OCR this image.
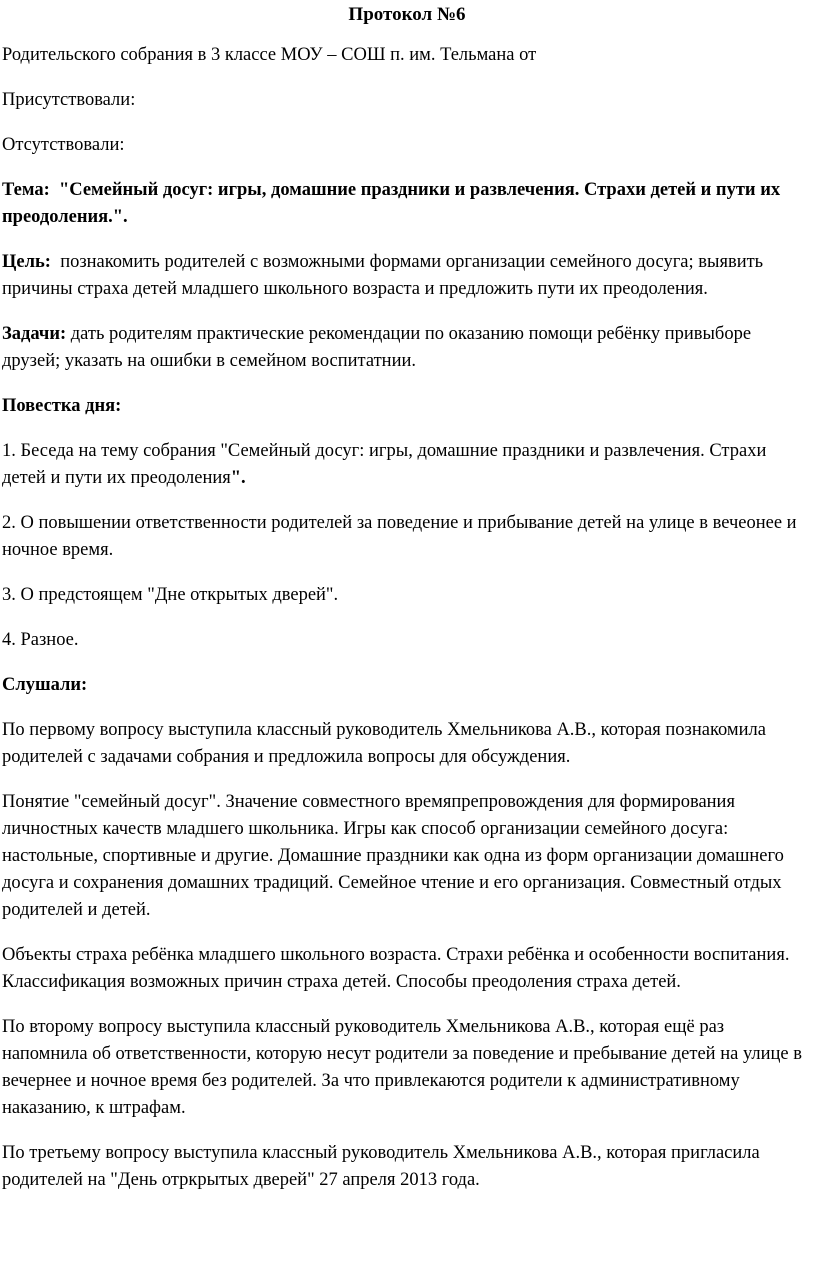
Протокол №6

Родительского собрания в 3 классе МОУ – СОШ п. им. Тельмана от

Присутствовали:

Отсутствовали:

Тема: "Семейный досуг: игры, домашние праздники и развлечения. Страхи детей и пути их преодоления.".

Цель: познакомить родителей с возможными формами организации семейного досуга; выявить причины страха детей младшего школьного возраста и предложить пути их преодоления.

Задачи: дать родителям практические рекомендации по оказанию помощи ребёнку привыборе друзей; указать на ошибки в семейном воспитатнии.

Повестка дня:

1. Беседа на тему собрания "Семейный досуг: игры, домашние праздники и развлечения. Страхи детей и пути их преодоления".

2. О повышении ответственности родителей за поведение и прибывание детей на улице в вечеонее и ночное время.

3. О предстоящем "Дне открытых дверей".

4. Разное.

Слушали:

По первому вопросу выступила классный руководитель Хмельникова А.В., которая познакомила родителей с задачами собрания и предложила вопросы для обсуждения.

Понятие "семейный досуг". Значение совместного времяпрепровождения для формирования личностных качеств младшего школьника. Игры как способ организации семейного досуга: настольные, спортивные и другие. Домашние праздники как одна из форм организации домашнего досуга и сохранения домашних традиций. Семейное чтение и его организация. Совместный отдых родителей и детей.

Объекты страха ребёнка младшего школьного возраста. Страхи ребёнка и особенности воспитания. Классификация возможных причин страха детей. Способы преодоления страха детей.

По второму вопросу выступила классный руководитель Хмельникова А.В., которая ещё раз напомнила об ответственности, которую несут родители за поведение и пребывание детей на улице в вечернее и ночное время без родителей. За что привлекаются родители к административному наказанию, к штрафам.

По третьему вопросу выступила классный руководитель Хмельникова А.В., которая пригласила родителей на "День отркрытых дверей" 27 апреля 2013 года.
